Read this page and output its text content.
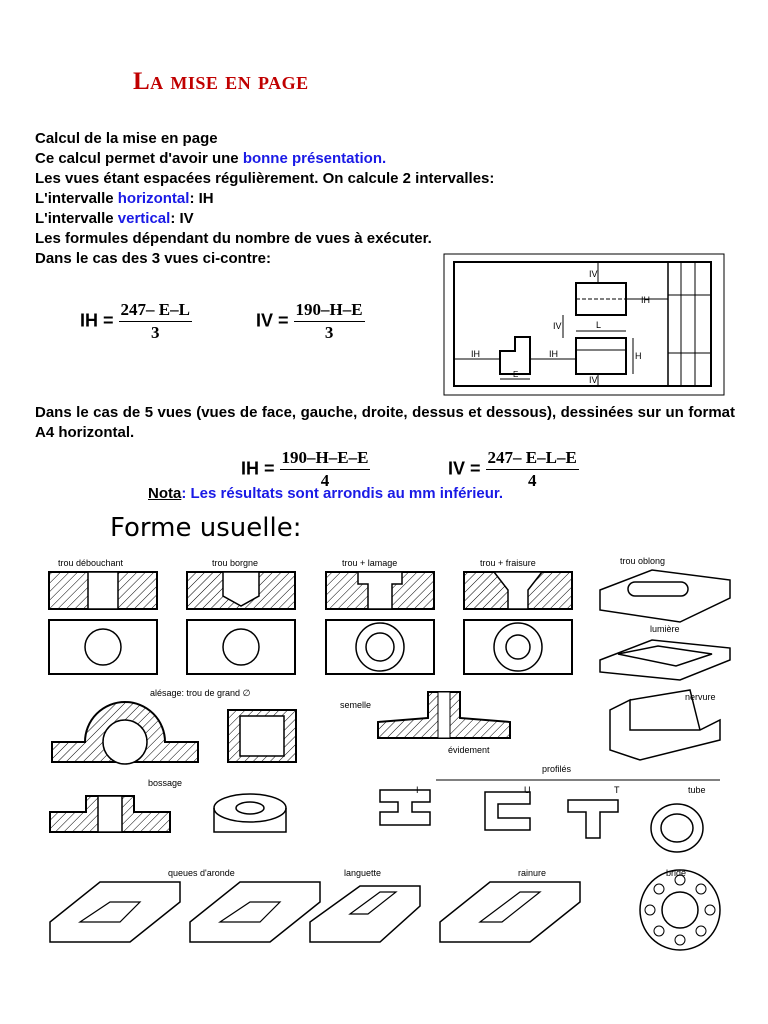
La mise en page
Calcul de la mise en page
Ce calcul permet d'avoir une bonne présentation.
Les vues étant espacées régulièrement. On calcule 2 intervalles:
L'intervalle horizontal: IH
L'intervalle vertical: IV
Les formules dépendant du nombre de vues à exécuter.
Dans le cas des 3 vues ci-contre:
IH = $\frac{247- E-L}{3}$	IV = $\frac{190-H-E}{3}$
IH	IH
IH
IV
IV
IV
L
H
E
Dans le cas de 5 vues (vues de face, gauche, droite, dessus et dessous), dessinées sur un format A4 horizontal.
IH = $\frac{190-H-E-E}{4}$	IV = $\frac{247- E-L-E}{4}$
Nota: Les résultats sont arrondis au mm inférieur.
Forme usuelle:
trou débouchant	trou borgne	trou + lamage	trou + fraisure	trou oblong
lumière
alésage: trou de grand ∅
semelle
nervure
évidement
profilés
I	U	T	tube
bossage
queues d'aronde	languette	rainure	bride
